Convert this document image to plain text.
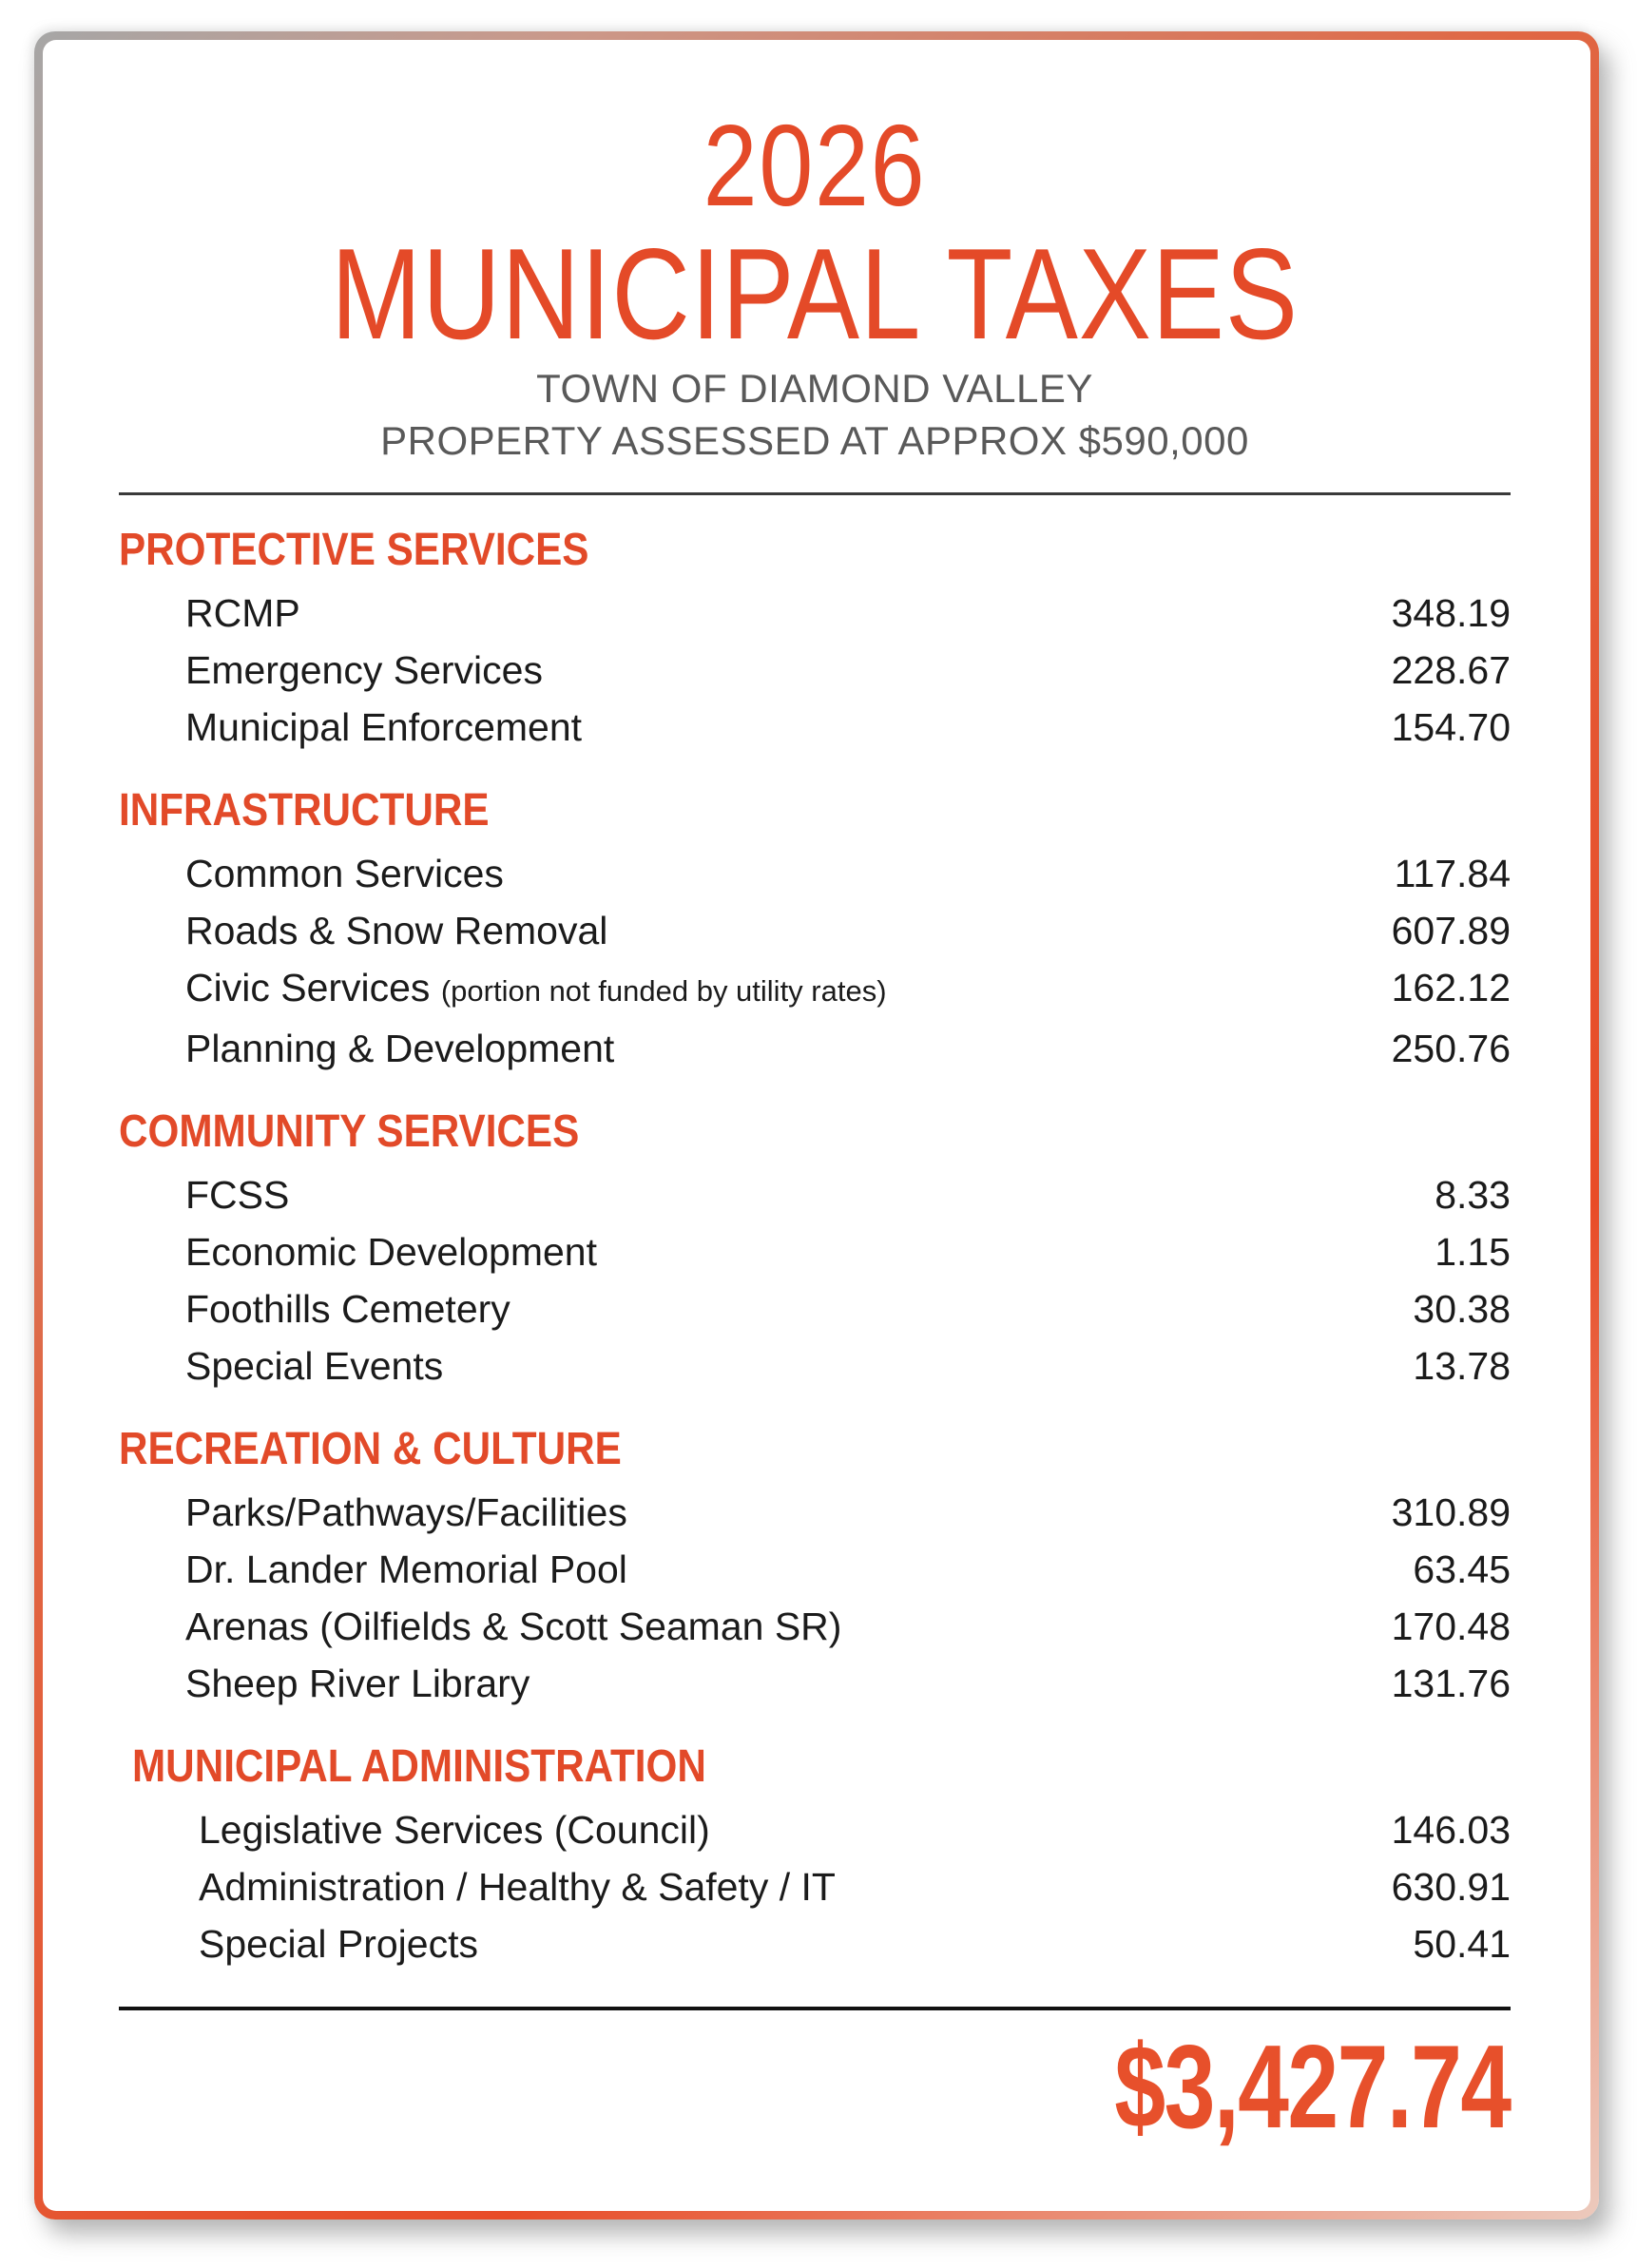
2026
MUNICIPAL TAXES
TOWN OF DIAMOND VALLEY
PROPERTY ASSESSED AT APPROX $590,000
PROTECTIVE SERVICES
RCMP	348.19
Emergency Services	228.67
Municipal Enforcement	154.70
INFRASTRUCTURE
Common Services	117.84
Roads & Snow Removal	607.89
Civic Services (portion not funded by utility rates)	162.12
Planning & Development	250.76
COMMUNITY SERVICES
FCSS	8.33
Economic Development	1.15
Foothills Cemetery	30.38
Special Events	13.78
RECREATION & CULTURE
Parks/Pathways/Facilities	310.89
Dr. Lander Memorial Pool	63.45
Arenas (Oilfields & Scott Seaman SR)	170.48
Sheep River Library	131.76
MUNICIPAL ADMINISTRATION
Legislative Services (Council)	146.03
Administration / Healthy & Safety / IT	630.91
Special Projects	50.41
$3,427.74
